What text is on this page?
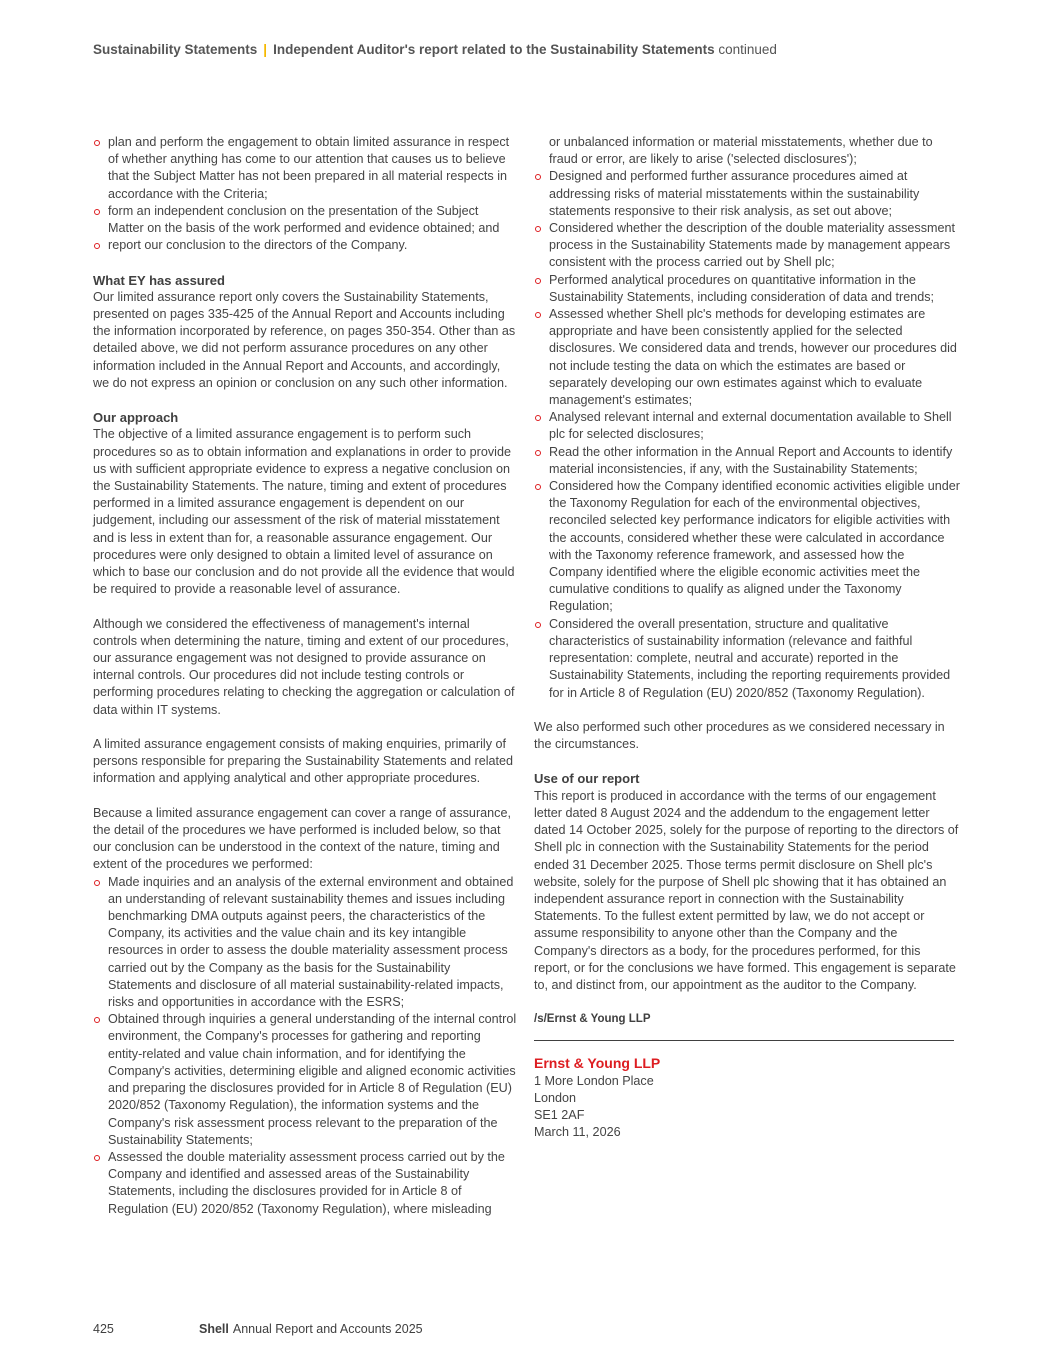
Sustainability Statements | Independent Auditor's report related to the Sustainability Statements continued
plan and perform the engagement to obtain limited assurance in respect of whether anything has come to our attention that causes us to believe that the Subject Matter has not been prepared in all material respects in accordance with the Criteria;
form an independent conclusion on the presentation of the Subject Matter on the basis of the work performed and evidence obtained; and
report our conclusion to the directors of the Company.
What EY has assured

Our limited assurance report only covers the Sustainability Statements, presented on pages 335-425 of the Annual Report and Accounts including the information incorporated by reference, on pages 350-354. Other than as detailed above, we did not perform assurance procedures on any other information included in the Annual Report and Accounts, and accordingly, we do not express an opinion or conclusion on any such other information.

Our approach

The objective of a limited assurance engagement is to perform such procedures so as to obtain information and explanations in order to provide us with sufficient appropriate evidence to express a negative conclusion on the Sustainability Statements. The nature, timing and extent of procedures performed in a limited assurance engagement is dependent on our judgement, including our assessment of the risk of material misstatement and is less in extent than for, a reasonable assurance engagement. Our procedures were only designed to obtain a limited level of assurance on which to base our conclusion and do not provide all the evidence that would be required to provide a reasonable level of assurance.

Although we considered the effectiveness of management's internal controls when determining the nature, timing and extent of our procedures, our assurance engagement was not designed to provide assurance on internal controls. Our procedures did not include testing controls or performing procedures relating to checking the aggregation or calculation of data within IT systems.

A limited assurance engagement consists of making enquiries, primarily of persons responsible for preparing the Sustainability Statements and related information and applying analytical and other appropriate procedures.

Because a limited assurance engagement can cover a range of assurance, the detail of the procedures we have performed is included below, so that our conclusion can be understood in the context of the nature, timing and extent of the procedures we performed:

Made inquiries and an analysis of the external environment and obtained an understanding of relevant sustainability themes and issues including benchmarking DMA outputs against peers, the characteristics of the Company, its activities and the value chain and its key intangible resources in order to assess the double materiality assessment process carried out by the Company as the basis for the Sustainability Statements and disclosure of all material sustainability-related impacts, risks and opportunities in accordance with the ESRS;
Obtained through inquiries a general understanding of the internal control environment, the Company's processes for gathering and reporting entity-related and value chain information, and for identifying the Company's activities, determining eligible and aligned economic activities and preparing the disclosures provided for in Article 8 of Regulation (EU) 2020/852 (Taxonomy Regulation), the information systems and the Company's risk assessment process relevant to the preparation of the Sustainability Statements;
Assessed the double materiality assessment process carried out by the Company and identified and assessed areas of the Sustainability Statements, including the disclosures provided for in Article 8 of Regulation (EU) 2020/852 (Taxonomy Regulation), where misleading

or unbalanced information or material misstatements, whether due to fraud or error, are likely to arise ('selected disclosures');

Designed and performed further assurance procedures aimed at addressing risks of material misstatements within the sustainability statements responsive to their risk analysis, as set out above;
Considered whether the description of the double materiality assessment process in the Sustainability Statements made by management appears consistent with the process carried out by Shell plc;
Performed analytical procedures on quantitative information in the Sustainability Statements, including consideration of data and trends;
Assessed whether Shell plc's methods for developing estimates are appropriate and have been consistently applied for the selected disclosures. We considered data and trends, however our procedures did not include testing the data on which the estimates are based or separately developing our own estimates against which to evaluate management's estimates;
Analysed relevant internal and external documentation available to Shell plc for selected disclosures;
Read the other information in the Annual Report and Accounts to identify material inconsistencies, if any, with the Sustainability Statements;
Considered how the Company identified economic activities eligible under the Taxonomy Regulation for each of the environmental objectives, reconciled selected key performance indicators for eligible activities with the accounts, considered whether these were calculated in accordance with the Taxonomy reference framework, and assessed how the Company identified where the eligible economic activities meet the cumulative conditions to qualify as aligned under the Taxonomy Regulation;
Considered the overall presentation, structure and qualitative characteristics of sustainability information (relevance and faithful representation: complete, neutral and accurate) reported in the Sustainability Statements, including the reporting requirements provided for in Article 8 of Regulation (EU) 2020/852 (Taxonomy Regulation).

We also performed such other procedures as we considered necessary in the circumstances.

Use of our report

This report is produced in accordance with the terms of our engagement letter dated 8 August 2024 and the addendum to the engagement letter dated 14 October 2025, solely for the purpose of reporting to the directors of Shell plc in connection with the Sustainability Statements for the period ended 31 December 2025. Those terms permit disclosure on Shell plc's website, solely for the purpose of Shell plc showing that it has obtained an independent assurance report in connection with the Sustainability Statements. To the fullest extent permitted by law, we do not accept or assume responsibility to anyone other than the Company and the Company's directors as a body, for the procedures performed, for this report, or for the conclusions we have formed. This engagement is separate to, and distinct from, our appointment as the auditor to the Company.

/s/Ernst & Young LLP
Ernst & Young LLP
1 More London Place
London
SE1 2AF
March 11, 2026
425	Shell Annual Report and Accounts 2025
